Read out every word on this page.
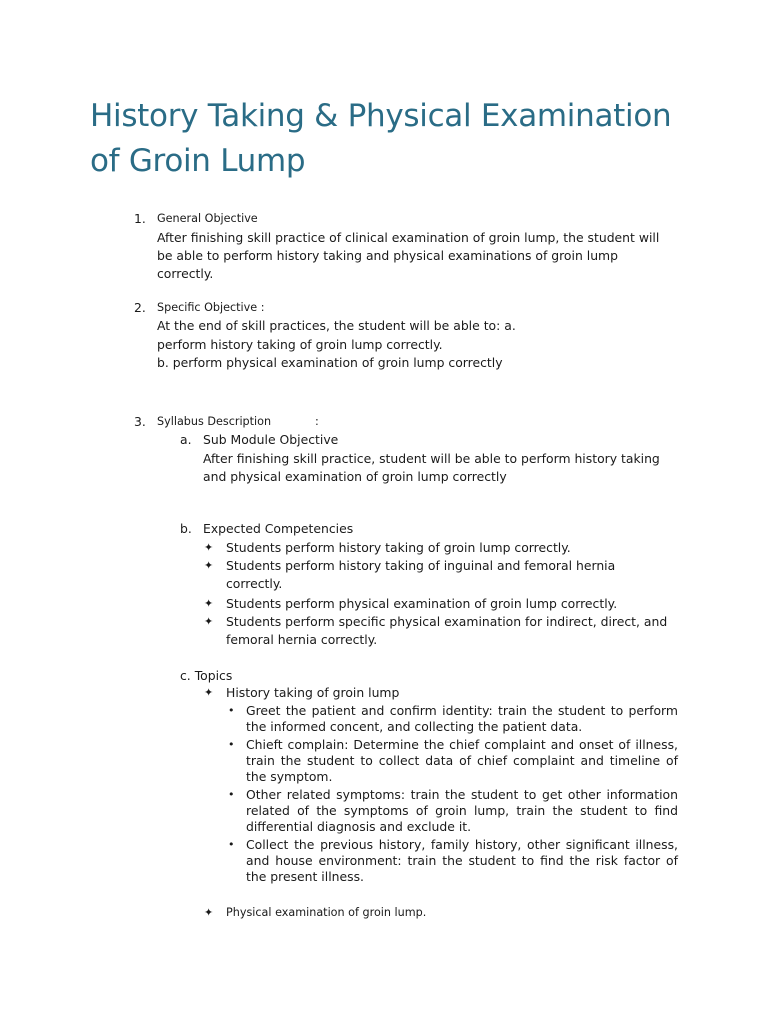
History Taking & Physical Examination of Groin Lump
1. General Objective
After finishing skill practice of clinical examination of groin lump, the student will
be able to perform history taking and physical examinations of groin lump
correctly.
2. Specific Objective :
At the end of skill practices, the student will be able to: a.
perform history taking of groin lump correctly.
b. perform physical examination of groin lump correctly
3. Syllabus Description	:
a. Sub Module Objective
After finishing skill practice, student will be able to perform history taking
and physical examination of groin lump correctly
b. Expected Competencies
✦ Students perform history taking of groin lump correctly.
✦ Students perform history taking of inguinal and femoral hernia
correctly.
✦ Students perform physical examination of groin lump correctly.
✦ Students perform specific physical examination for indirect, direct, and
femoral hernia correctly.
c. Topics
✦ History taking of groin lump
• Greet the patient and confirm identity: train the student to perform the informed concent, and collecting the patient data.

• Chieft complain: Determine the chief complaint and onset of illness, train the student to collect data of chief complaint and timeline of the symptom.

• Other related symptoms: train the student to get other information related of the symptoms of groin lump, train the student to find differential diagnosis and exclude it.

• Collect the previous history, family history, other significant illness, and house environment: train the student to find the risk factor of the present illness.

✦ Physical examination of groin lump.
